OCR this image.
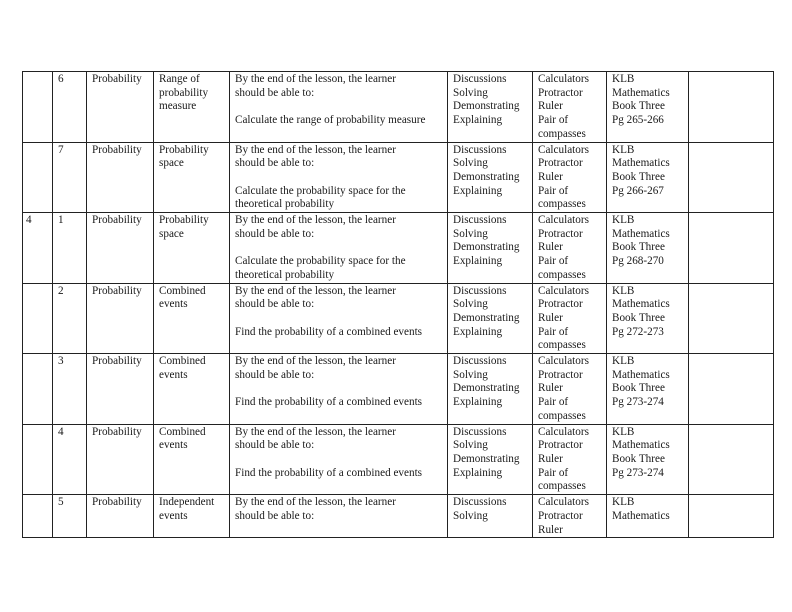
	6	Probability	Range of
probability
measure	By the end of the lesson, the learner
should be able to:
Calculate the range of probability measure	Discussions
Solving
Demonstrating
Explaining	Calculators
Protractor
Ruler
Pair of
compasses	KLB
Mathematics
Book Three
Pg 265-266	

	7	Probability	Probability
space	By the end of the lesson, the learner
should be able to:
Calculate the probability space for the
theoretical probability	Discussions
Solving
Demonstrating
Explaining	Calculators
Protractor
Ruler
Pair of
compasses	KLB
Mathematics
Book Three
Pg 266-267	

4	1	Probability	Probability
space	By the end of the lesson, the learner
should be able to:
Calculate the probability space for the
theoretical probability	Discussions
Solving
Demonstrating
Explaining	Calculators
Protractor
Ruler
Pair of
compasses	KLB
Mathematics
Book Three
Pg 268-270	

	2	Probability	Combined
events	By the end of the lesson, the learner
should be able to:
Find the probability of a combined events	Discussions
Solving
Demonstrating
Explaining	Calculators
Protractor
Ruler
Pair of
compasses	KLB
Mathematics
Book Three
Pg 272-273	

	3	Probability	Combined
events	By the end of the lesson, the learner
should be able to:
Find the probability of a combined events	Discussions
Solving
Demonstrating
Explaining	Calculators
Protractor
Ruler
Pair of
compasses	KLB
Mathematics
Book Three
Pg 273-274	

	4	Probability	Combined
events	By the end of the lesson, the learner
should be able to:
Find the probability of a combined events	Discussions
Solving
Demonstrating
Explaining	Calculators
Protractor
Ruler
Pair of
compasses	KLB
Mathematics
Book Three
Pg 273-274	

	5	Probability	Independent
events	By the end of the lesson, the learner
should be able to:	Discussions
Solving	Calculators
Protractor
Ruler	KLB
Mathematics	
